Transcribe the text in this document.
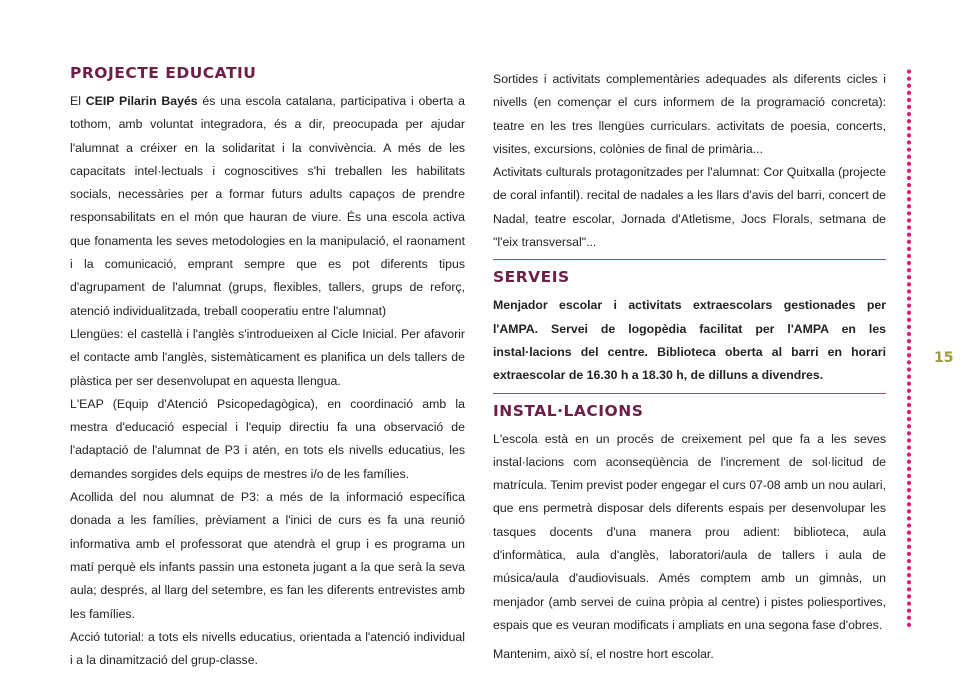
PROJECTE EDUCATIU

El CEIP Pilarin Bayés és una escola catalana, participativa i oberta a tothom, amb voluntat integradora, és a dir, preocupada per ajudar l'alumnat a créixer en la solidaritat i la convivència. A més de les capacitats intel·lectuals i cognoscitives s'hi treballen les habilitats socials, necessàries per a formar futurs adults capaços de prendre responsabilitats en el món que hauran de viure. És una escola activa que fonamenta les seves metodologies en la manipulació, el raonament i la comunicació, emprant sempre que es pot diferents tipus d'agrupament de l'alumnat (grups, flexibles, tallers, grups de reforç, atenció individualitzada, treball cooperatiu entre l'alumnat)

Llengües: el castellà i l'anglès s'introdueixen al Cicle Inicial. Per afavorir el contacte amb l'anglès, sistemàticament es planifica un dels tallers de plàstica per ser desenvolupat en aquesta llengua.

L'EAP (Equip d'Atenció Psicopedagògica), en coordinació amb la mestra d'educació especial i l'equip directiu fa una observació de l'adaptació de l'alumnat de P3 i atén, en tots els nivells educatius, les demandes sorgides dels equips de mestres i/o de les famílies.

Acollida del nou alumnat de P3: a més de la informació específica donada a les famílies, prèviament a l'inici de curs es fa una reunió informativa amb el professorat que atendrà el grup i es programa un matí perquè els infants passin una estoneta jugant a la que serà la seva aula; després, al llarg del setembre, es fan les diferents entrevistes amb les famílies.

Acció tutorial: a tots els nivells educatius, orientada a l'atenció individual i a la dinamització del grup-classe.

Sortides i activitats complementàries adequades als diferents cicles i nivells (en començar el curs informem de la programació concreta): teatre en les tres llengües curriculars. activitats de poesia, concerts, visites, excursions, colònies de final de primària...

Activitats culturals protagonitzades per l'alumnat: Cor Quitxalla (projecte de coral infantil). recital de nadales a les llars d'avis del barri, concert de Nadal, teatre escolar, Jornada d'Atletisme, Jocs Florals, setmana de "l'eix transversal"...

SERVEIS

Menjador escolar i activitats extraescolars gestionades per l'AMPA. Servei de logopèdia facilitat per l'AMPA en les instal·lacions del centre. Biblioteca oberta al barri en horari extraescolar de 16.30 h a 18.30 h, de dilluns a divendres.

INSTAL·LACIONS

L'escola està en un procés de creixement pel que fa a les seves instal·lacions com aconseqüència de l'increment de sol·licitud de matrícula. Tenim previst poder engegar el curs 07-08 amb un nou aulari, que ens permetrà disposar dels diferents espais per desenvolupar les tasques docents d'una manera prou adient: biblioteca, aula d'informàtica, aula d'anglès, laboratori/aula de tallers i aula de música/aula d'audiovisuals. Amés comptem amb un gimnàs, un menjador (amb servei de cuina pròpia al centre) i pistes poliesportives, espais que es veuran modificats i ampliats en una segona fase d'obres.

Mantenim, això sí, el nostre hort escolar.

15
